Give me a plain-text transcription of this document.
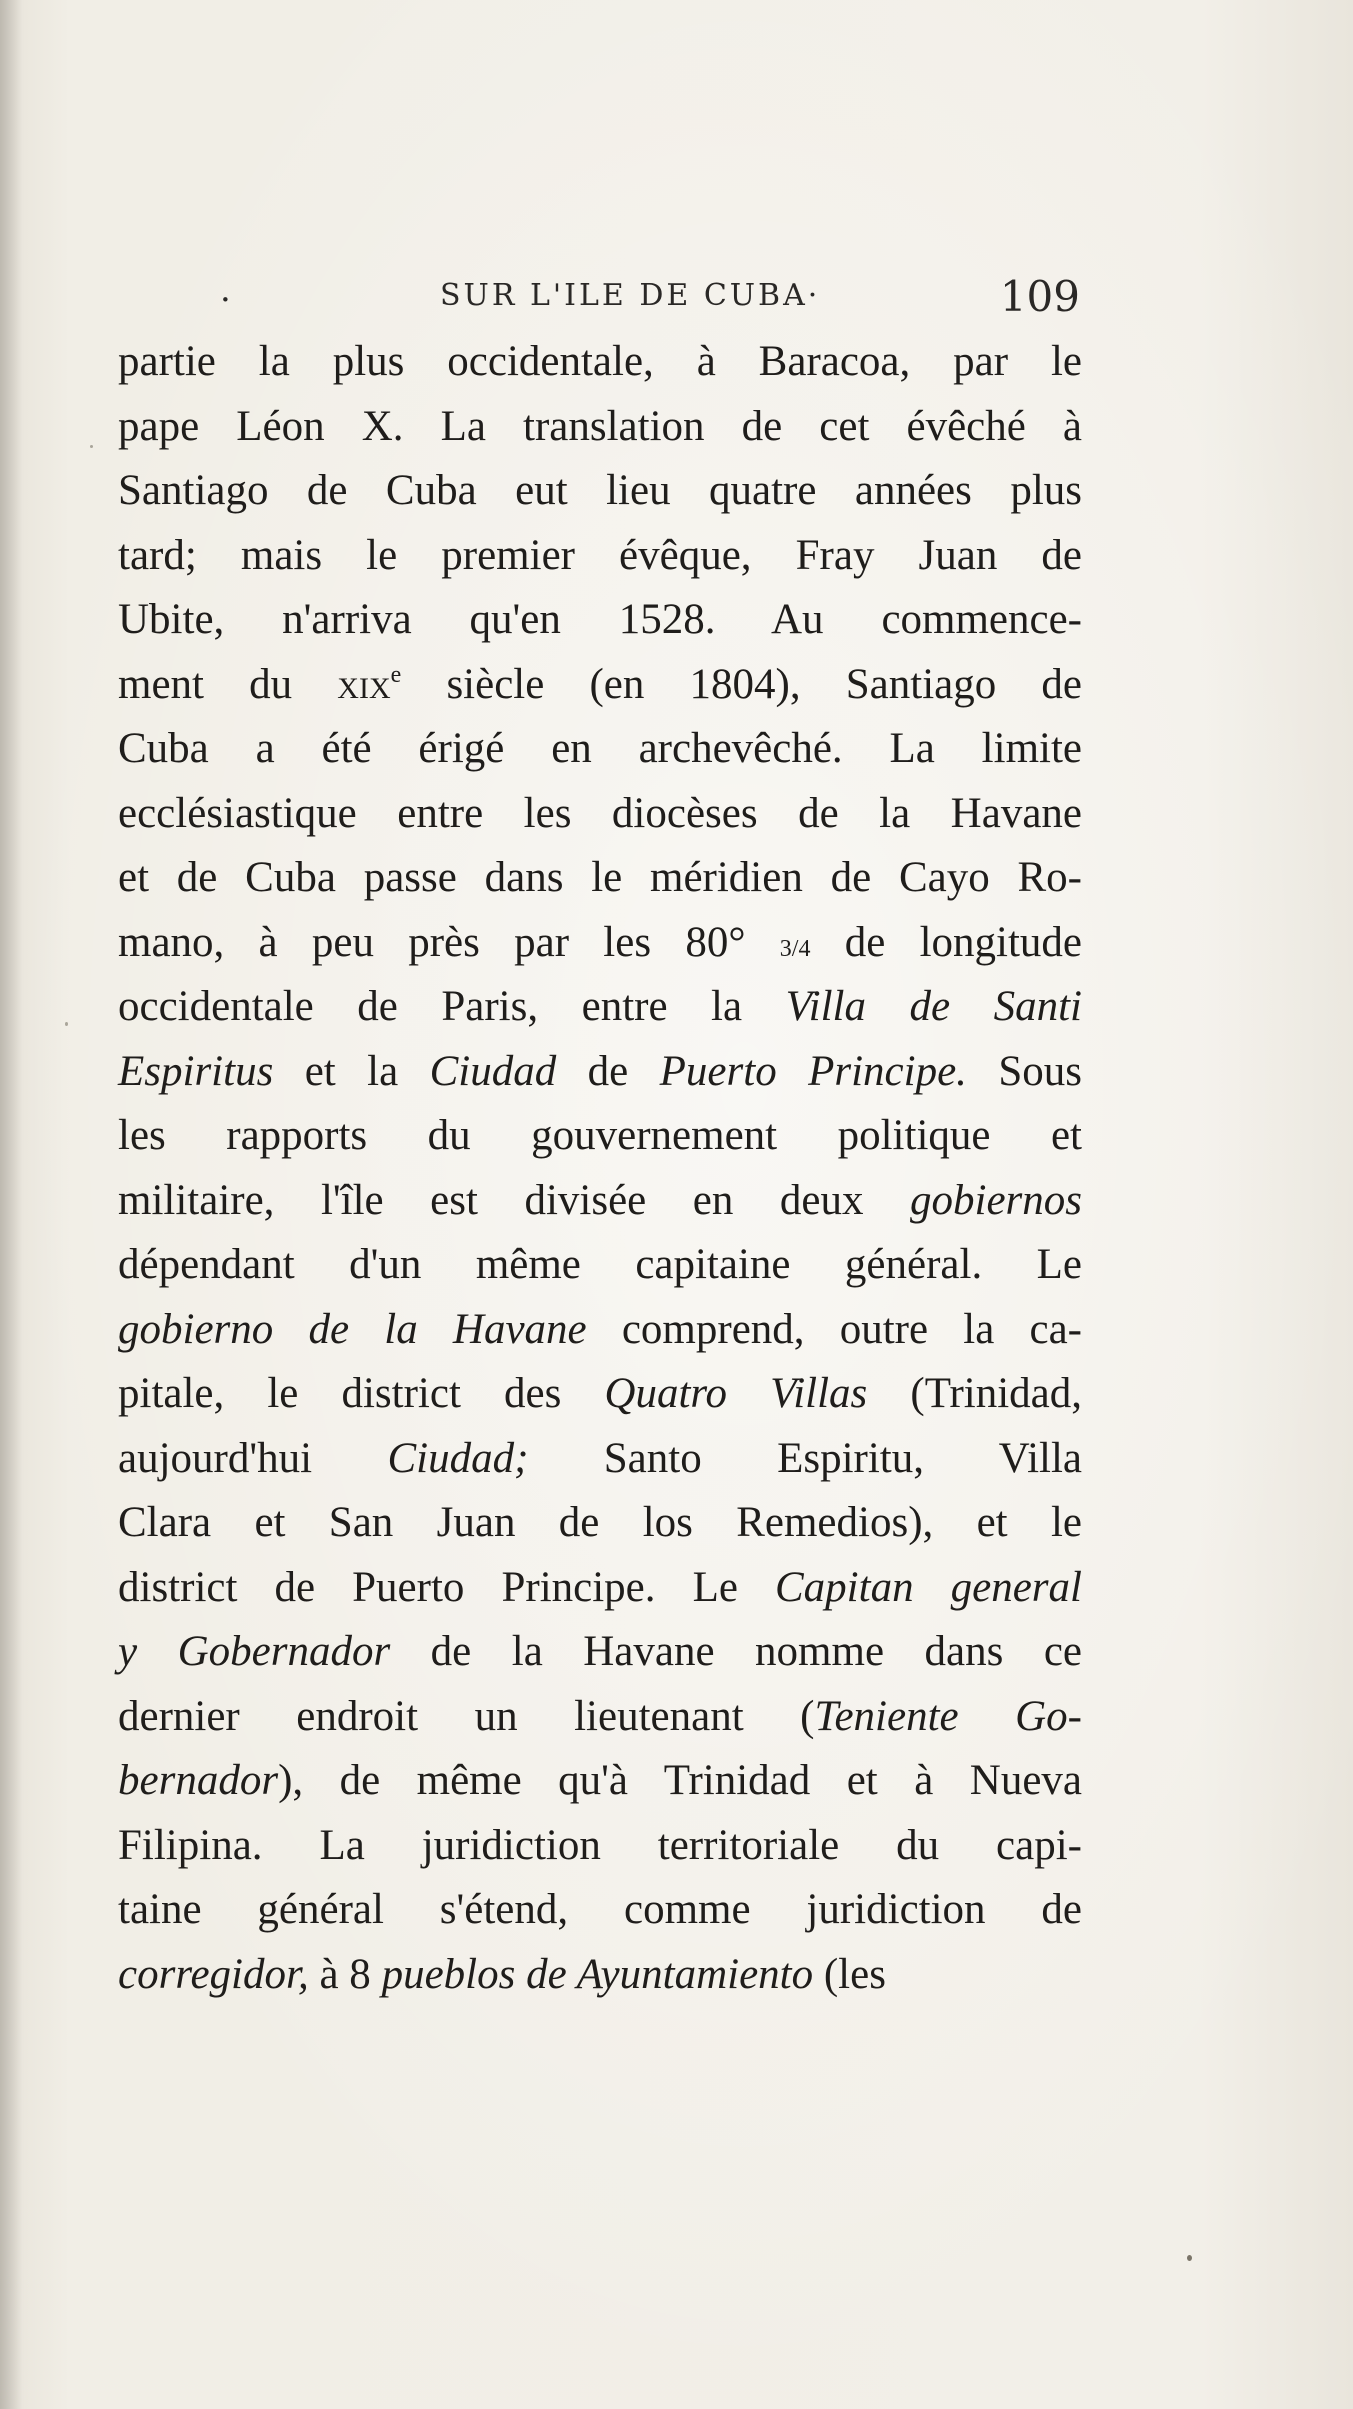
·	SUR L'ILE DE CUBA·	109
partie la plus occidentale, à Baracoa, par le
pape Léon X. La translation de cet évêché à
Santiago de Cuba eut lieu quatre années plus
tard; mais le premier évêque, Fray Juan de
Ubite, n'arriva qu'en 1528. Au commence-
ment du xix$^e$ siècle (en 1804), Santiago de
Cuba a été érigé en archevêché. La limite
ecclésiastique entre les diocèses de la Havane
et de Cuba passe dans le méridien de Cayo Ro-
mano, à peu près par les 80° 3/4 de longitude
occidentale de Paris, entre la Villa de Santi
Espiritus et la Ciudad de Puerto Principe. Sous
les rapports du gouvernement politique et
militaire, l'île est divisée en deux gobiernos
dépendant d'un même capitaine général. Le
gobierno de la Havane comprend, outre la ca-
pitale, le district des Quatro Villas (Trinidad,
aujourd'hui Ciudad; Santo Espiritu, Villa
Clara et San Juan de los Remedios), et le
district de Puerto Principe. Le Capitan general
y Gobernador de la Havane nomme dans ce
dernier endroit un lieutenant (Teniente Go-
bernador), de même qu'à Trinidad et à Nueva
Filipina. La juridiction territoriale du capi-
taine général s'étend, comme juridiction de
corregidor, à 8 pueblos de Ayuntamiento (les
